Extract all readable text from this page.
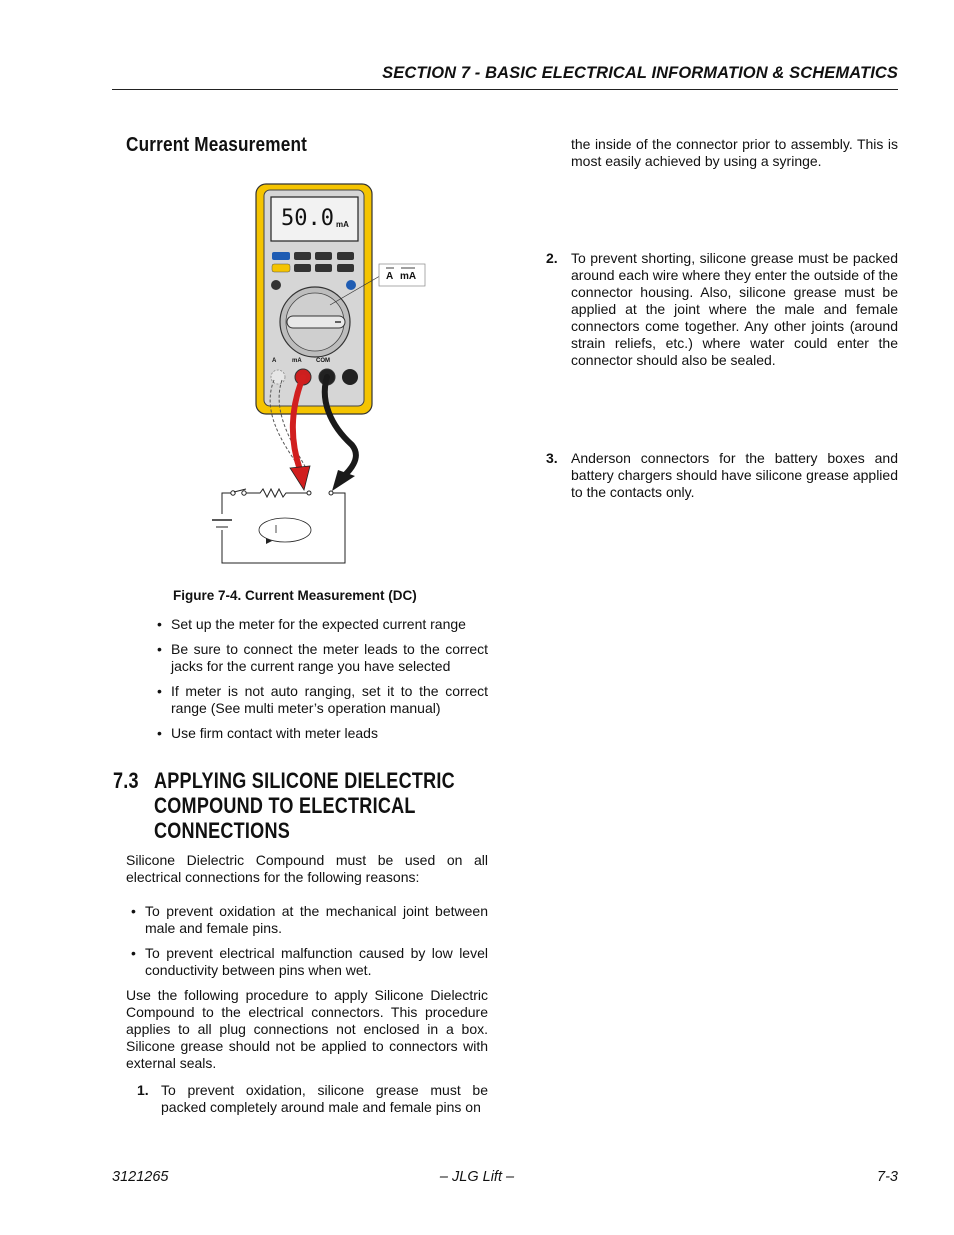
SECTION 7 - BASIC ELECTRICAL INFORMATION & SCHEMATICS
Current Measurement
50.0 mA
A	mA COM
A mA
Figure 7-4. Current Measurement (DC)
• Set up the meter for the expected current range
• Be sure to connect the meter leads to the correct jacks for the current range you have selected
• If meter is not auto ranging, set it to the correct range (See multi meter’s operation manual)
• Use firm contact with meter leads
7.3 APPLYING SILICONE DIELECTRIC
COMPOUND TO ELECTRICAL
CONNECTIONS
Silicone Dielectric Compound must be used on all electrical connections for the following reasons:
• To prevent oxidation at the mechanical joint between male and female pins.
• To prevent electrical malfunction caused by low level conductivity between pins when wet.
Use the following procedure to apply Silicone Dielectric Compound to the electrical connectors. This procedure applies to all plug connections not enclosed in a box. Silicone grease should not be applied to connectors with external seals.
1. To prevent oxidation, silicone grease must be packed completely around male and female pins on
the inside of the connector prior to assembly. This is most easily achieved by using a syringe.
2. To prevent shorting, silicone grease must be packed around each wire where they enter the outside of the connector housing. Also, silicone grease must be applied at the joint where the male and female connectors come together. Any other joints (around strain reliefs, etc.) where water could enter the connector should also be sealed.
3. Anderson connectors for the battery boxes and battery chargers should have silicone grease applied to the contacts only.
3121265	– JLG Lift –	7-3
